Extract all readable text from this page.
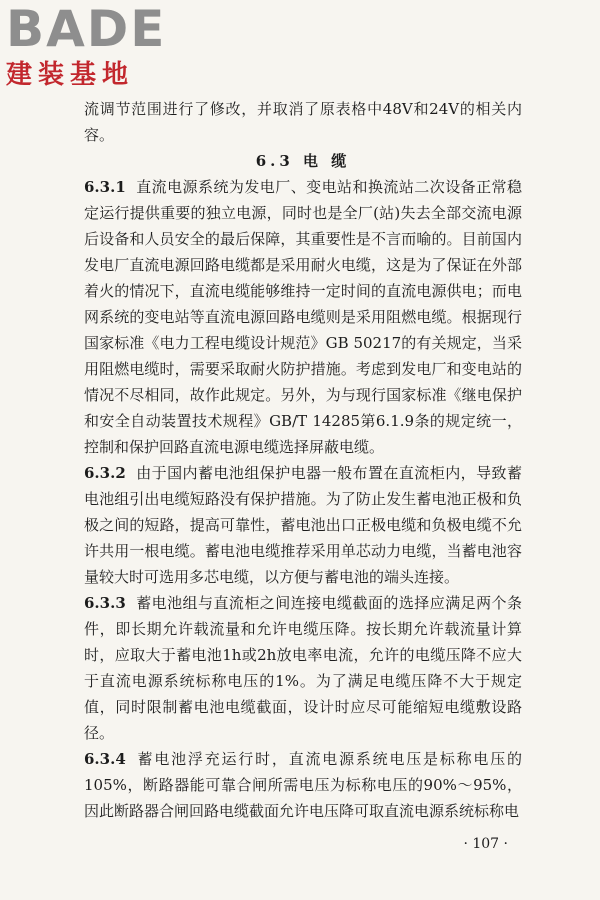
BADE
建装基地

流调节范围进行了修改，并取消了原表格中48V和24V的相关内容。

6.3 电 缆

6.3.1 直流电源系统为发电厂、变电站和换流站二次设备正常稳定运行提供重要的独立电源，同时也是全厂(站)失去全部交流电源后设备和人员安全的最后保障，其重要性是不言而喻的。目前国内发电厂直流电源回路电缆都是采用耐火电缆，这是为了保证在外部着火的情况下，直流电缆能够维持一定时间的直流电源供电；而电网系统的变电站等直流电源回路电缆则是采用阻燃电缆。根据现行国家标准《电力工程电缆设计规范》GB 50217的有关规定，当采用阻燃电缆时，需要采取耐火防护措施。考虑到发电厂和变电站的情况不尽相同，故作此规定。另外，为与现行国家标准《继电保护和安全自动装置技术规程》GB/T 14285第6.1.9条的规定统一，控制和保护回路直流电源电缆选择屏蔽电缆。

6.3.2 由于国内蓄电池组保护电器一般布置在直流柜内，导致蓄电池组引出电缆短路没有保护措施。为了防止发生蓄电池正极和负极之间的短路，提高可靠性，蓄电池出口正极电缆和负极电缆不允许共用一根电缆。蓄电池电缆推荐采用单芯动力电缆，当蓄电池容量较大时可选用多芯电缆，以方便与蓄电池的端头连接。

6.3.3 蓄电池组与直流柜之间连接电缆截面的选择应满足两个条件，即长期允许载流量和允许电缆压降。按长期允许载流量计算时，应取大于蓄电池1h或2h放电率电流，允许的电缆压降不应大于直流电源系统标称电压的1%。为了满足电缆压降不大于规定值，同时限制蓄电池电缆截面，设计时应尽可能缩短电缆敷设路径。

6.3.4 蓄电池浮充运行时，直流电源系统电压是标称电压的105%，断路器能可靠合闸所需电压为标称电压的90%～95%，因此断路器合闸回路电缆截面允许电压降可取直流电源系统标称电

· 107 ·
